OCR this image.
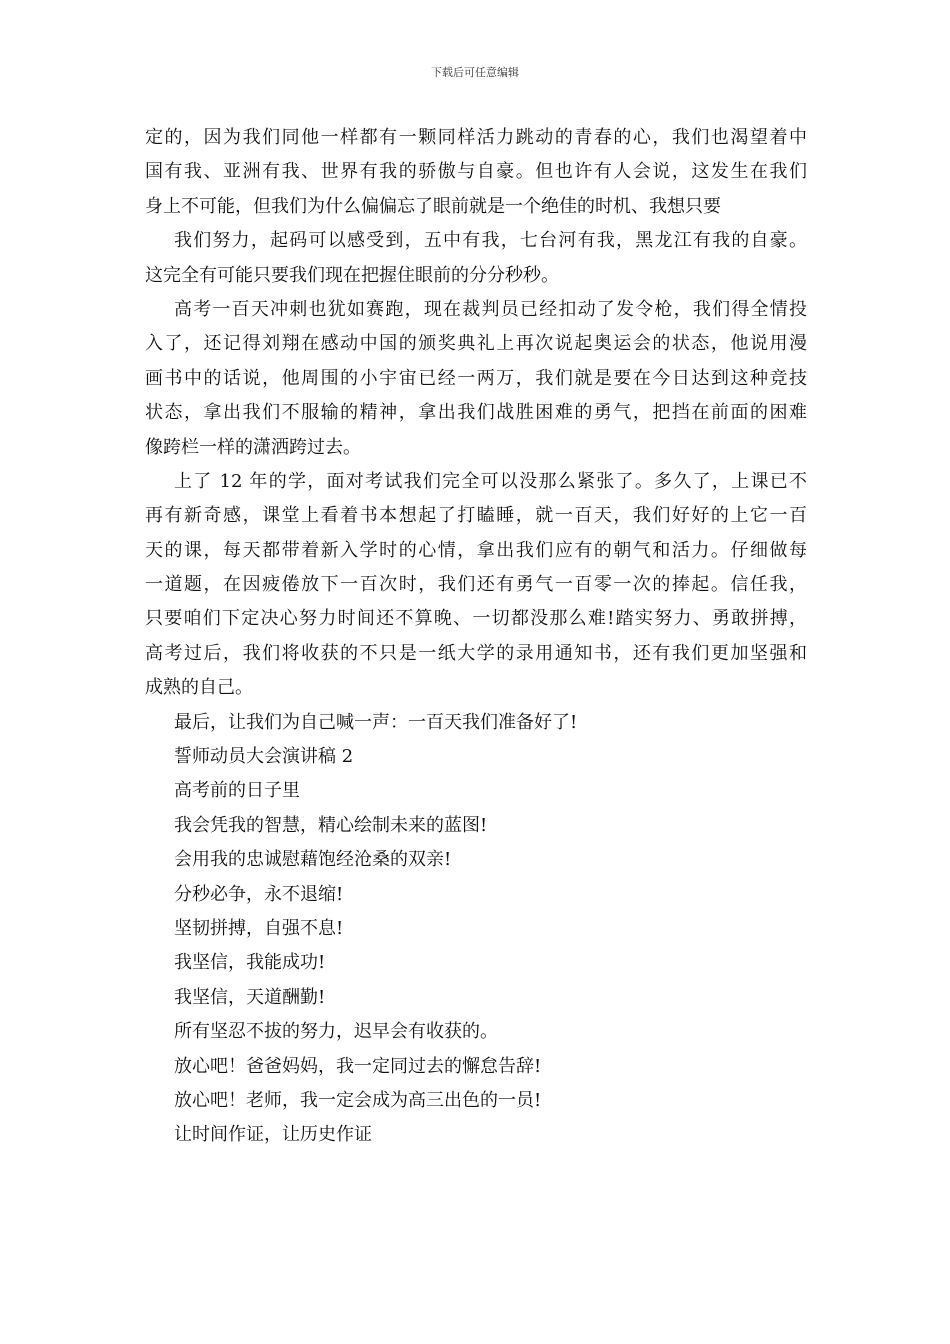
下载后可任意编辑
定的，因为我们同他一样都有一颗同样活力跳动的青春的心，我们也渴望着中
国有我、亚洲有我、世界有我的骄傲与自豪。但也许有人会说，这发生在我们
身上不可能，但我们为什么偏偏忘了眼前就是一个绝佳的时机、我想只要
我们努力，起码可以感受到，五中有我，七台河有我，黑龙江有我的自豪。
这完全有可能只要我们现在把握住眼前的分分秒秒。
高考一百天冲刺也犹如赛跑，现在裁判员已经扣动了发令枪，我们得全情投
入了，还记得刘翔在感动中国的颁奖典礼上再次说起奥运会的状态，他说用漫
画书中的话说，他周围的小宇宙已经一两万，我们就是要在今日达到这种竞技
状态，拿出我们不服输的精神，拿出我们战胜困难的勇气，把挡在前面的困难
像跨栏一样的潇洒跨过去。
上了 12 年的学，面对考试我们完全可以没那么紧张了。多久了，上课已不
再有新奇感，课堂上看着书本想起了打瞌睡，就一百天，我们好好的上它一百
天的课，每天都带着新入学时的心情，拿出我们应有的朝气和活力。仔细做每
一道题，在因疲倦放下一百次时，我们还有勇气一百零一次的捧起。信任我，
只要咱们下定决心努力时间还不算晚、一切都没那么难!踏实努力、勇敢拼搏，
高考过后，我们将收获的不只是一纸大学的录用通知书，还有我们更加坚强和
成熟的自己。
最后，让我们为自己喊一声：一百天我们准备好了!
誓师动员大会演讲稿 2
高考前的日子里
我会凭我的智慧，精心绘制未来的蓝图!
会用我的忠诚慰藉饱经沧桑的双亲!
分秒必争，永不退缩!
坚韧拼搏，自强不息!
我坚信，我能成功!
我坚信，天道酬勤!
所有坚忍不拔的努力，迟早会有收获的。
放心吧！爸爸妈妈，我一定同过去的懈怠告辞!
放心吧！老师，我一定会成为高三出色的一员!
让时间作证，让历史作证
